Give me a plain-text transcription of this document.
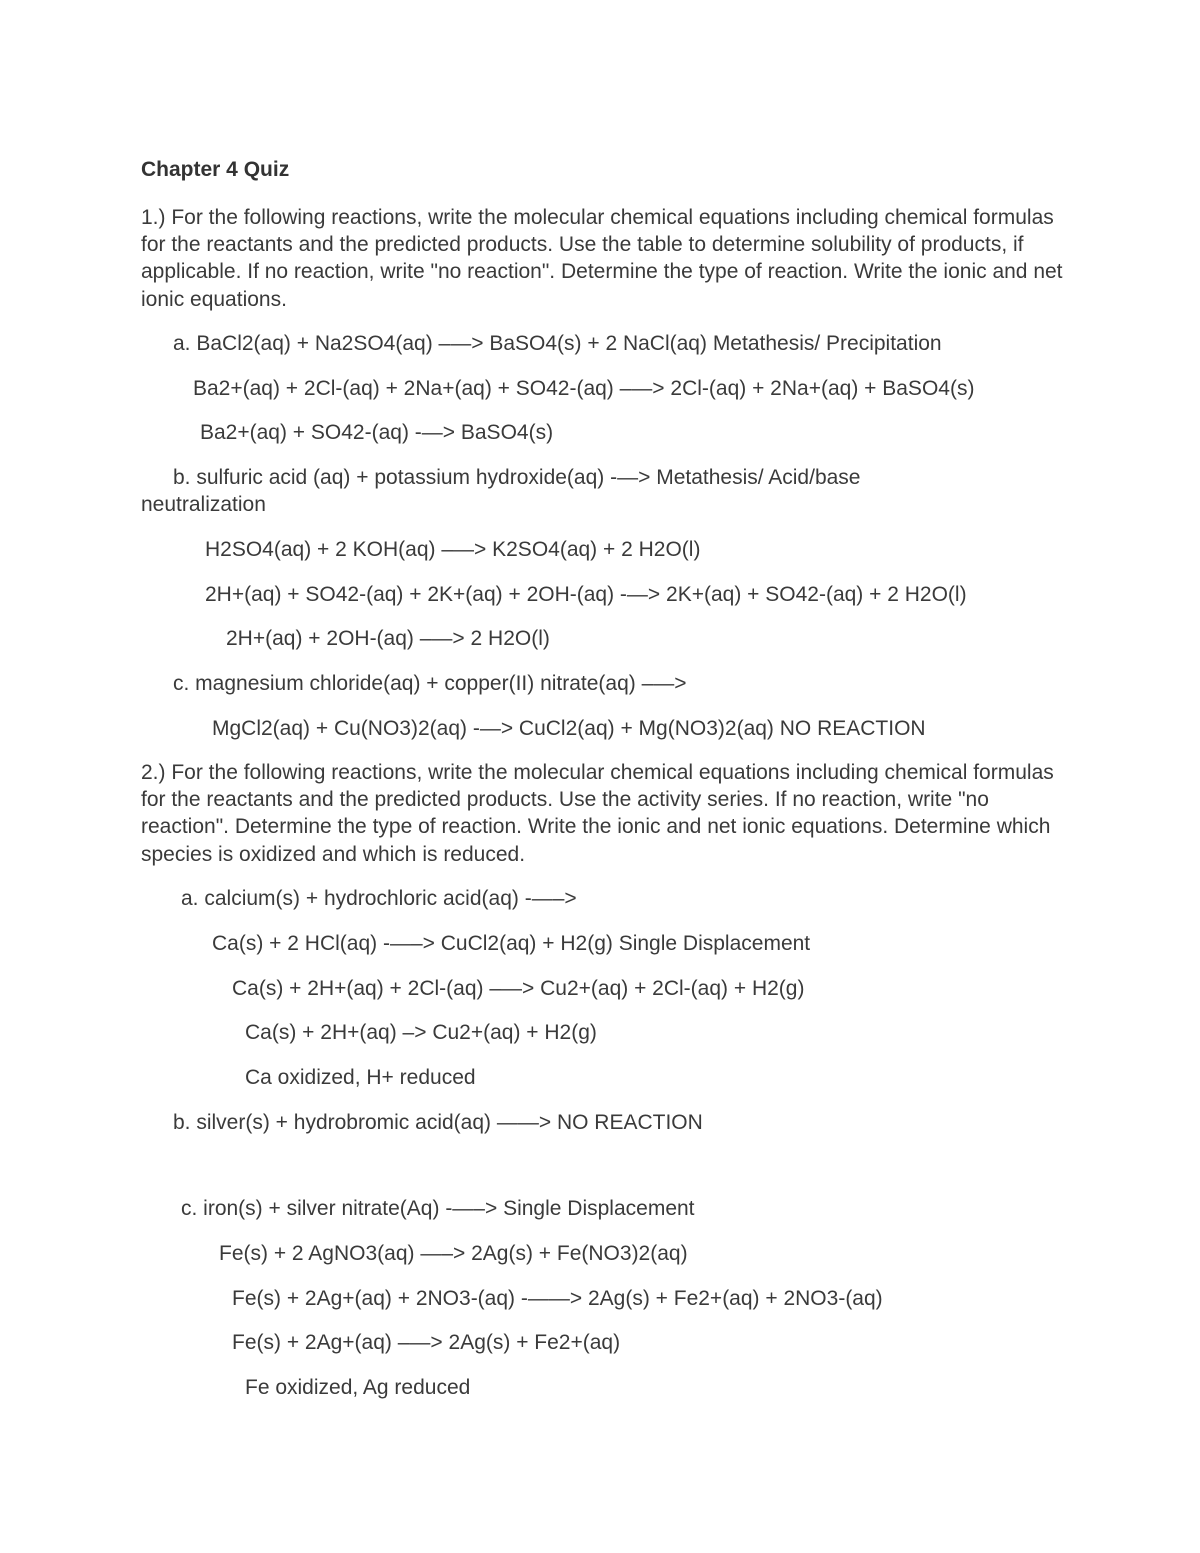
Chapter 4 Quiz

1.) For the following reactions, write the molecular chemical equations including chemical formulas for the reactants and the predicted products. Use the table to determine solubility of products, if applicable. If no reaction, write "no reaction". Determine the type of reaction. Write the ionic and net ionic equations.

a. BaCl2(aq) + Na2SO4(aq) –—> BaSO4(s) + 2 NaCl(aq) Metathesis/ Precipitation

Ba2+(aq) + 2Cl-(aq) + 2Na+(aq) + SO42-(aq) –—> 2Cl-(aq) + 2Na+(aq) + BaSO4(s)

Ba2+(aq) + SO42-(aq) -—> BaSO4(s)

b. sulfuric acid (aq) + potassium hydroxide(aq) -—> Metathesis/ Acid/base

neutralization

H2SO4(aq) + 2 KOH(aq) –—> K2SO4(aq) + 2 H2O(l)

2H+(aq) + SO42-(aq) + 2K+(aq) + 2OH-(aq) -—> 2K+(aq) + SO42-(aq) + 2 H2O(l)

2H+(aq) + 2OH-(aq) –—> 2 H2O(l)

c. magnesium chloride(aq) + copper(II) nitrate(aq) –—>

MgCl2(aq) + Cu(NO3)2(aq) -—> CuCl2(aq) + Mg(NO3)2(aq) NO REACTION

2.) For the following reactions, write the molecular chemical equations including chemical formulas for the reactants and the predicted products. Use the activity series. If no reaction, write "no reaction". Determine the type of reaction. Write the ionic and net ionic equations. Determine which species is oxidized and which is reduced.

a. calcium(s) + hydrochloric acid(aq) -—–>

Ca(s) + 2 HCl(aq) -—–> CuCl2(aq) + H2(g) Single Displacement

Ca(s) + 2H+(aq) + 2Cl-(aq) –—> Cu2+(aq) + 2Cl-(aq) + H2(g)

Ca(s) + 2H+(aq) –> Cu2+(aq) + H2(g)

Ca oxidized, H+ reduced

b. silver(s) + hydrobromic acid(aq) ——> NO REACTION

c. iron(s) + silver nitrate(Aq) -—–> Single Displacement

Fe(s) + 2 AgNO3(aq) —–> 2Ag(s) + Fe(NO3)2(aq)

Fe(s) + 2Ag+(aq) + 2NO3-(aq) -——> 2Ag(s) + Fe2+(aq) + 2NO3-(aq)

Fe(s) + 2Ag+(aq) –—> 2Ag(s) + Fe2+(aq)

Fe oxidized, Ag reduced
